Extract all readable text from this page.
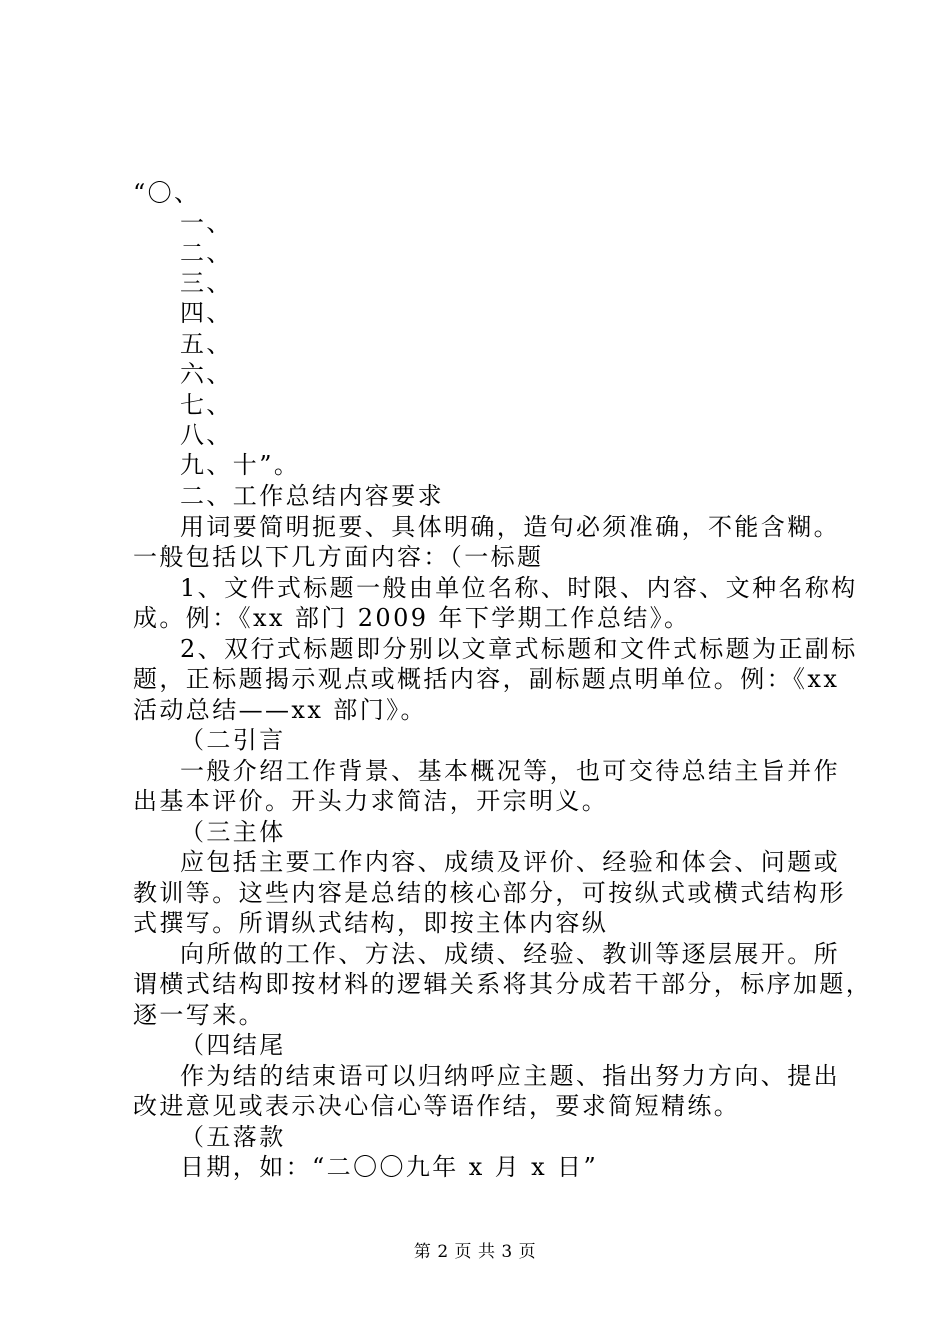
“〇、
一、
二、
三、
四、
五、
六、
七、
八、
九、十”。
二、工作总结内容要求
用词要简明扼要、具体明确，造句必须准确，不能含糊。
一般包括以下几方面内容：（一标题
1、文件式标题一般由单位名称、时限、内容、文种名称构
成。例：《xx 部门 2009 年下学期工作总结》。
2、双行式标题即分别以文章式标题和文件式标题为正副标
题，正标题揭示观点或概括内容，副标题点明单位。例：《xx
活动总结——xx 部门》。
（二引言
一般介绍工作背景、基本概况等，也可交待总结主旨并作
出基本评价。开头力求简洁，开宗明义。
（三主体
应包括主要工作内容、成绩及评价、经验和体会、问题或
教训等。这些内容是总结的核心部分，可按纵式或横式结构形
式撰写。所谓纵式结构，即按主体内容纵
向所做的工作、方法、成绩、经验、教训等逐层展开。所
谓横式结构即按材料的逻辑关系将其分成若干部分，标序加题，
逐一写来。
（四结尾
作为结的结束语可以归纳呼应主题、指出努力方向、提出
改进意见或表示决心信心等语作结，要求简短精练。
（五落款
日期，如：“二〇〇九年 x 月 x 日”
第 2 页 共 3 页
